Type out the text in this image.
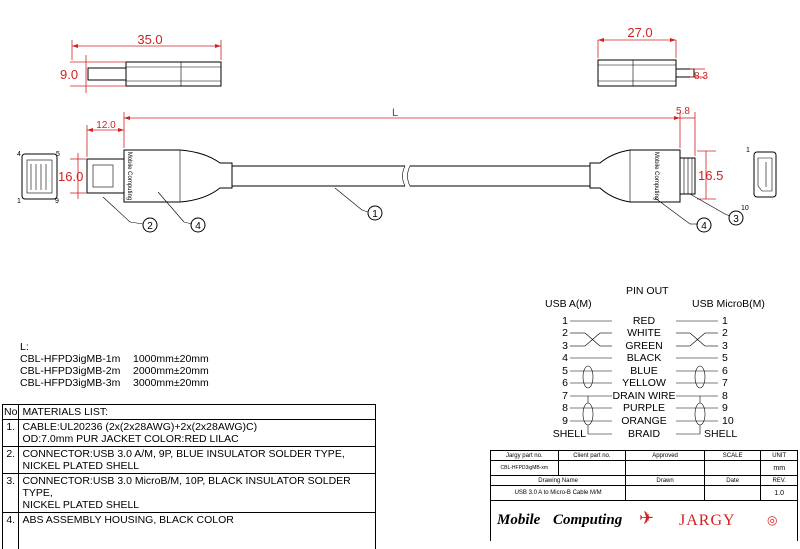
35.0
9.0
27.0
8.3
Mobile Computing	Mobile Computing
12.0
L	5.8
16.0	16.5
4	5
1	9
1
10
1
2
3
4	4
PIN OUT
USB A(M)	USB MicroB(M)
1	RED	1
2	WHITE	2
3	GREEN	3
4	BLACK	5
5	BLUE	6
6	YELLOW	7
7	DRAIN WIRE	8
8	PURPLE	9
9	ORANGE	10
SHELL	BRAID	SHELL
L:
CBL-HFPD3igMB-1m 1000mm±20mm
CBL-HFPD3igMB-2m 2000mm±20mm
CBL-HFPD3igMB-3m 3000mm±20mm
No	MATERIALS LIST:
1.	CABLE:UL20236 (2x(2x28AWG)+2x(2x28AWG)C)
OD:7.0mm PUR JACKET COLOR:RED LILAC

2.	CONNECTOR:USB 3.0 A/M, 9P, BLUE INSULATOR SOLDER TYPE,
NICKEL PLATED SHELL

3.	CONNECTOR:USB 3.0 MicroB/M, 10P, BLACK INSULATOR SOLDER TYPE,
NICKEL PLATED SHELL

4.	ABS ASSEMBLY HOUSING, BLACK COLOR
Jargy part no.	Client part no.	Approved	SCALE	UNIT
CBL-HFPD3igMB-xm				mm
Drawing Name		Drawn	Date	REV.
USB 3.0 A to Micro-B Cable M/M				1.0

Mobile Computing ✈ JARGY ◎				
